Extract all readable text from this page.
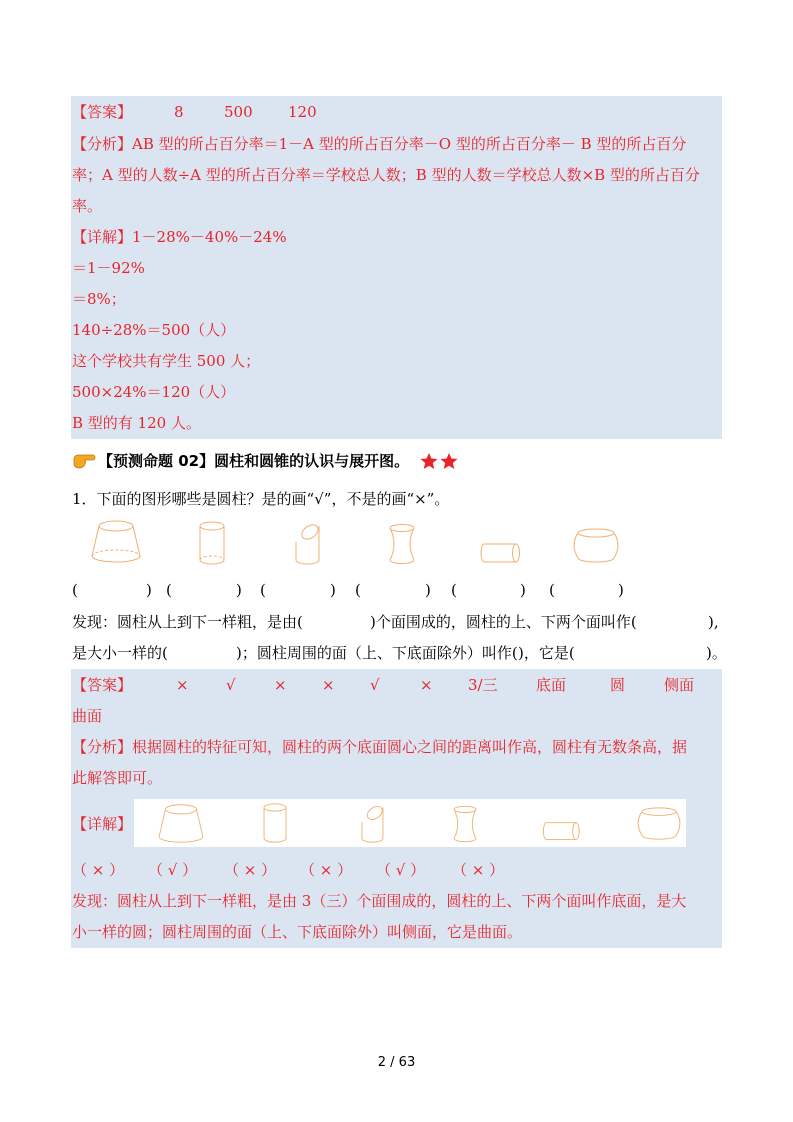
【答案】	8	500 120
【分析】AB 型的所占百分率＝1－A 型的所占百分率－O 型的所占百分率－ B 型的所占百分
率；A 型的人数÷A 型的所占百分率＝学校总人数；B 型的人数＝学校总人数×B 型的所占百分
率。
【详解】1－28%－40%－24%
＝1－92%
＝8%；
140÷28%＝500（人）
这个学校共有学生 500 人；
500×24%＝120（人）
B 型的有 120 人。
【预测命题 02】圆柱和圆锥的认识与展开图。
1．下面的图形哪些是圆柱？是的画“√”，不是的画“×”。
(	) (	) (	) (	) (	) (	)
发现：圆柱从上到下一样粗，是由(	)个面围成的，圆柱的上、下两个面叫作(	),
是大小一样的(	)；圆柱周围的面（上、下底面除外）叫作( )，它是(	)。
【答案】	× √	× × √	× 3/三	底面	圆	侧面
曲面
【分析】根据圆柱的特征可知，圆柱的两个底面圆心之间的距离叫作高，圆柱有无数条高，据
此解答即可。
【详解】
（ × ） （ √ ） （ × ） （ × ） （ √ ） （ × ）
发现：圆柱从上到下一样粗，是由 3（三）个面围成的，圆柱的上、下两个面叫作底面，是大
小一样的圆；圆柱周围的面（上、下底面除外）叫侧面，它是曲面。
2 / 63
